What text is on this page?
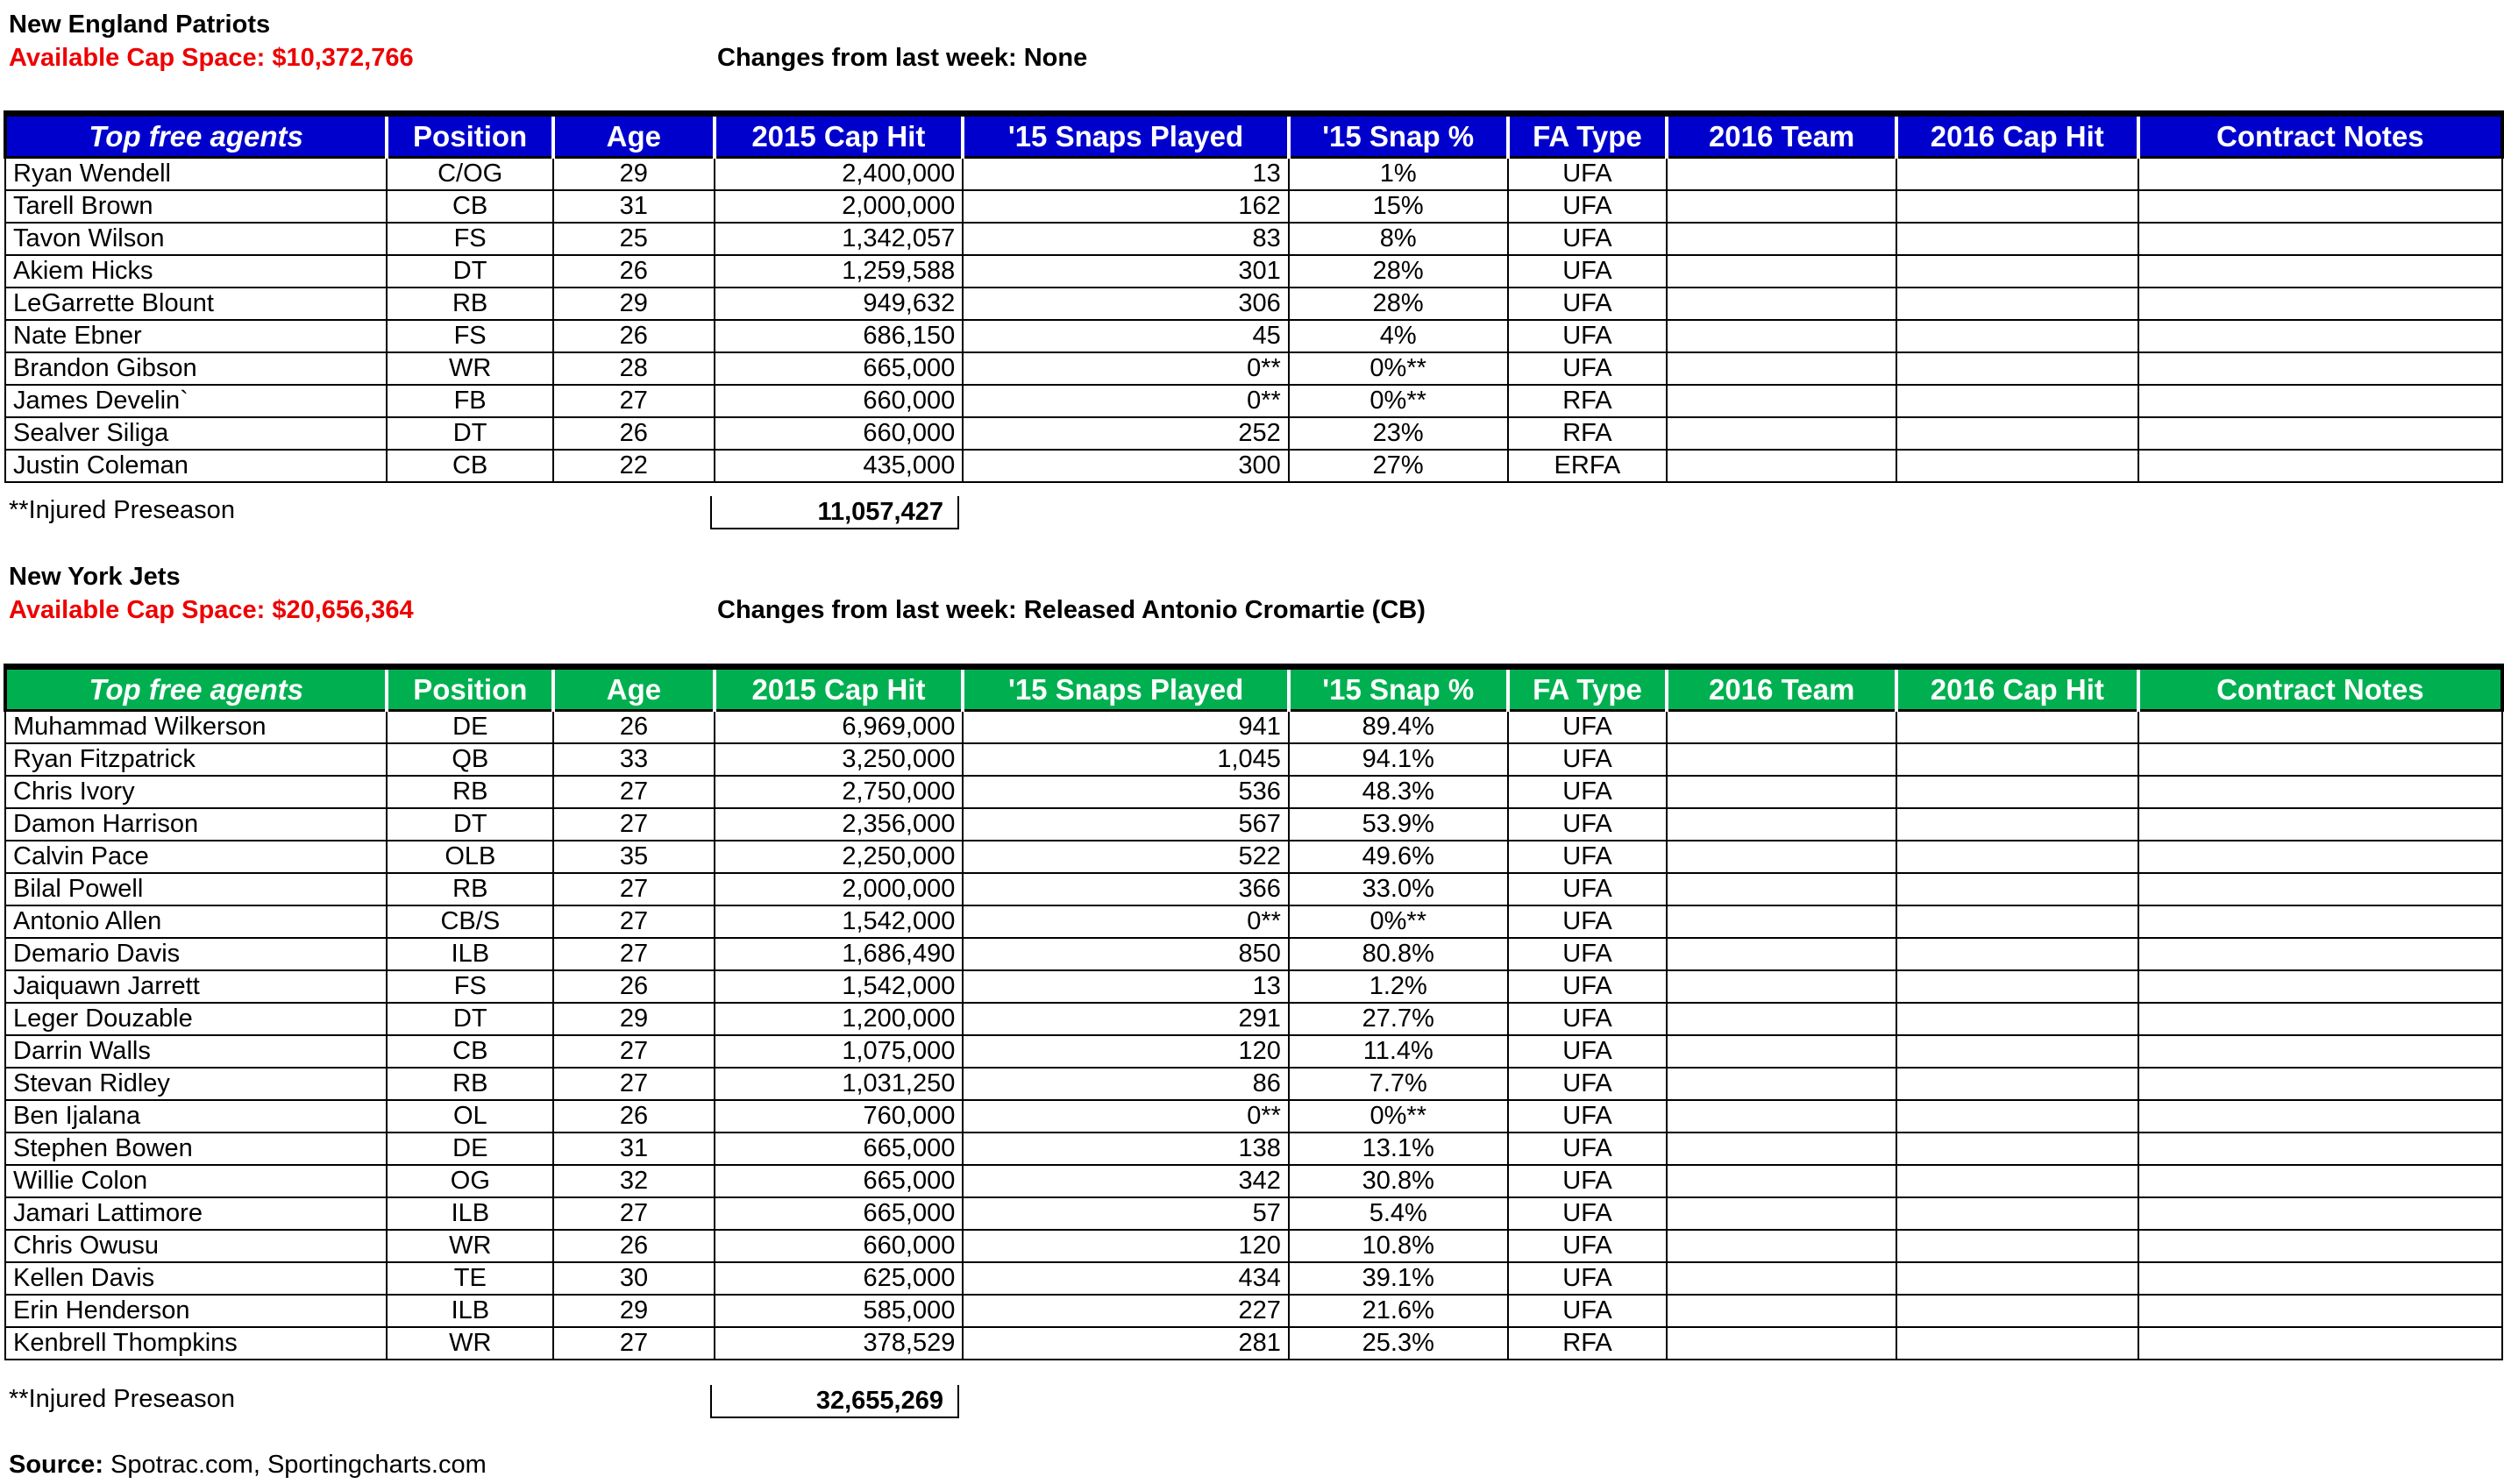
New England Patriots
Available Cap Space: $10,372,766	Changes from last week: None
Top free agents	Position	Age	2015 Cap Hit	'15 Snaps Played	'15 Snap %	FA Type	2016 Team	2016 Cap Hit	Contract Notes
Ryan Wendell	C/OG	29	2,400,000	13	1%	UFA			
Tarell Brown	CB	31	2,000,000	162	15%	UFA			
Tavon Wilson	FS	25	1,342,057	83	8%	UFA			
Akiem Hicks	DT	26	1,259,588	301	28%	UFA			
LeGarrette Blount	RB	29	949,632	306	28%	UFA			
Nate Ebner	FS	26	686,150	45	4%	UFA			
Brandon Gibson	WR	28	665,000	0**	0%**	UFA			
James Develin`	FB	27	660,000	0**	0%**	RFA			
Sealver Siliga	DT	26	660,000	252	23%	RFA			
Justin Coleman	CB	22	435,000	300	27%	ERFA			
**Injured Preseason	11,057,427
New York Jets
Available Cap Space: $20,656,364	Changes from last week: Released Antonio Cromartie (CB)
Top free agents	Position	Age	2015 Cap Hit	'15 Snaps Played	'15 Snap %	FA Type	2016 Team	2016 Cap Hit	Contract Notes
Muhammad Wilkerson	DE	26	6,969,000	941	89.4%	UFA			
Ryan Fitzpatrick	QB	33	3,250,000	1,045	94.1%	UFA			
Chris Ivory	RB	27	2,750,000	536	48.3%	UFA			
Damon Harrison	DT	27	2,356,000	567	53.9%	UFA			
Calvin Pace	OLB	35	2,250,000	522	49.6%	UFA			
Bilal Powell	RB	27	2,000,000	366	33.0%	UFA			
Antonio Allen	CB/S	27	1,542,000	0**	0%**	UFA			
Demario Davis	ILB	27	1,686,490	850	80.8%	UFA			
Jaiquawn Jarrett	FS	26	1,542,000	13	1.2%	UFA			
Leger Douzable	DT	29	1,200,000	291	27.7%	UFA			
Darrin Walls	CB	27	1,075,000	120	11.4%	UFA			
Stevan Ridley	RB	27	1,031,250	86	7.7%	UFA			
Ben Ijalana	OL	26	760,000	0**	0%**	UFA			
Stephen Bowen	DE	31	665,000	138	13.1%	UFA			
Willie Colon	OG	32	665,000	342	30.8%	UFA			
Jamari Lattimore	ILB	27	665,000	57	5.4%	UFA			
Chris Owusu	WR	26	660,000	120	10.8%	UFA			
Kellen Davis	TE	30	625,000	434	39.1%	UFA			
Erin Henderson	ILB	29	585,000	227	21.6%	UFA			
Kenbrell Thompkins	WR	27	378,529	281	25.3%	RFA			
**Injured Preseason	32,655,269
Source: Spotrac.com, Sportingcharts.com
